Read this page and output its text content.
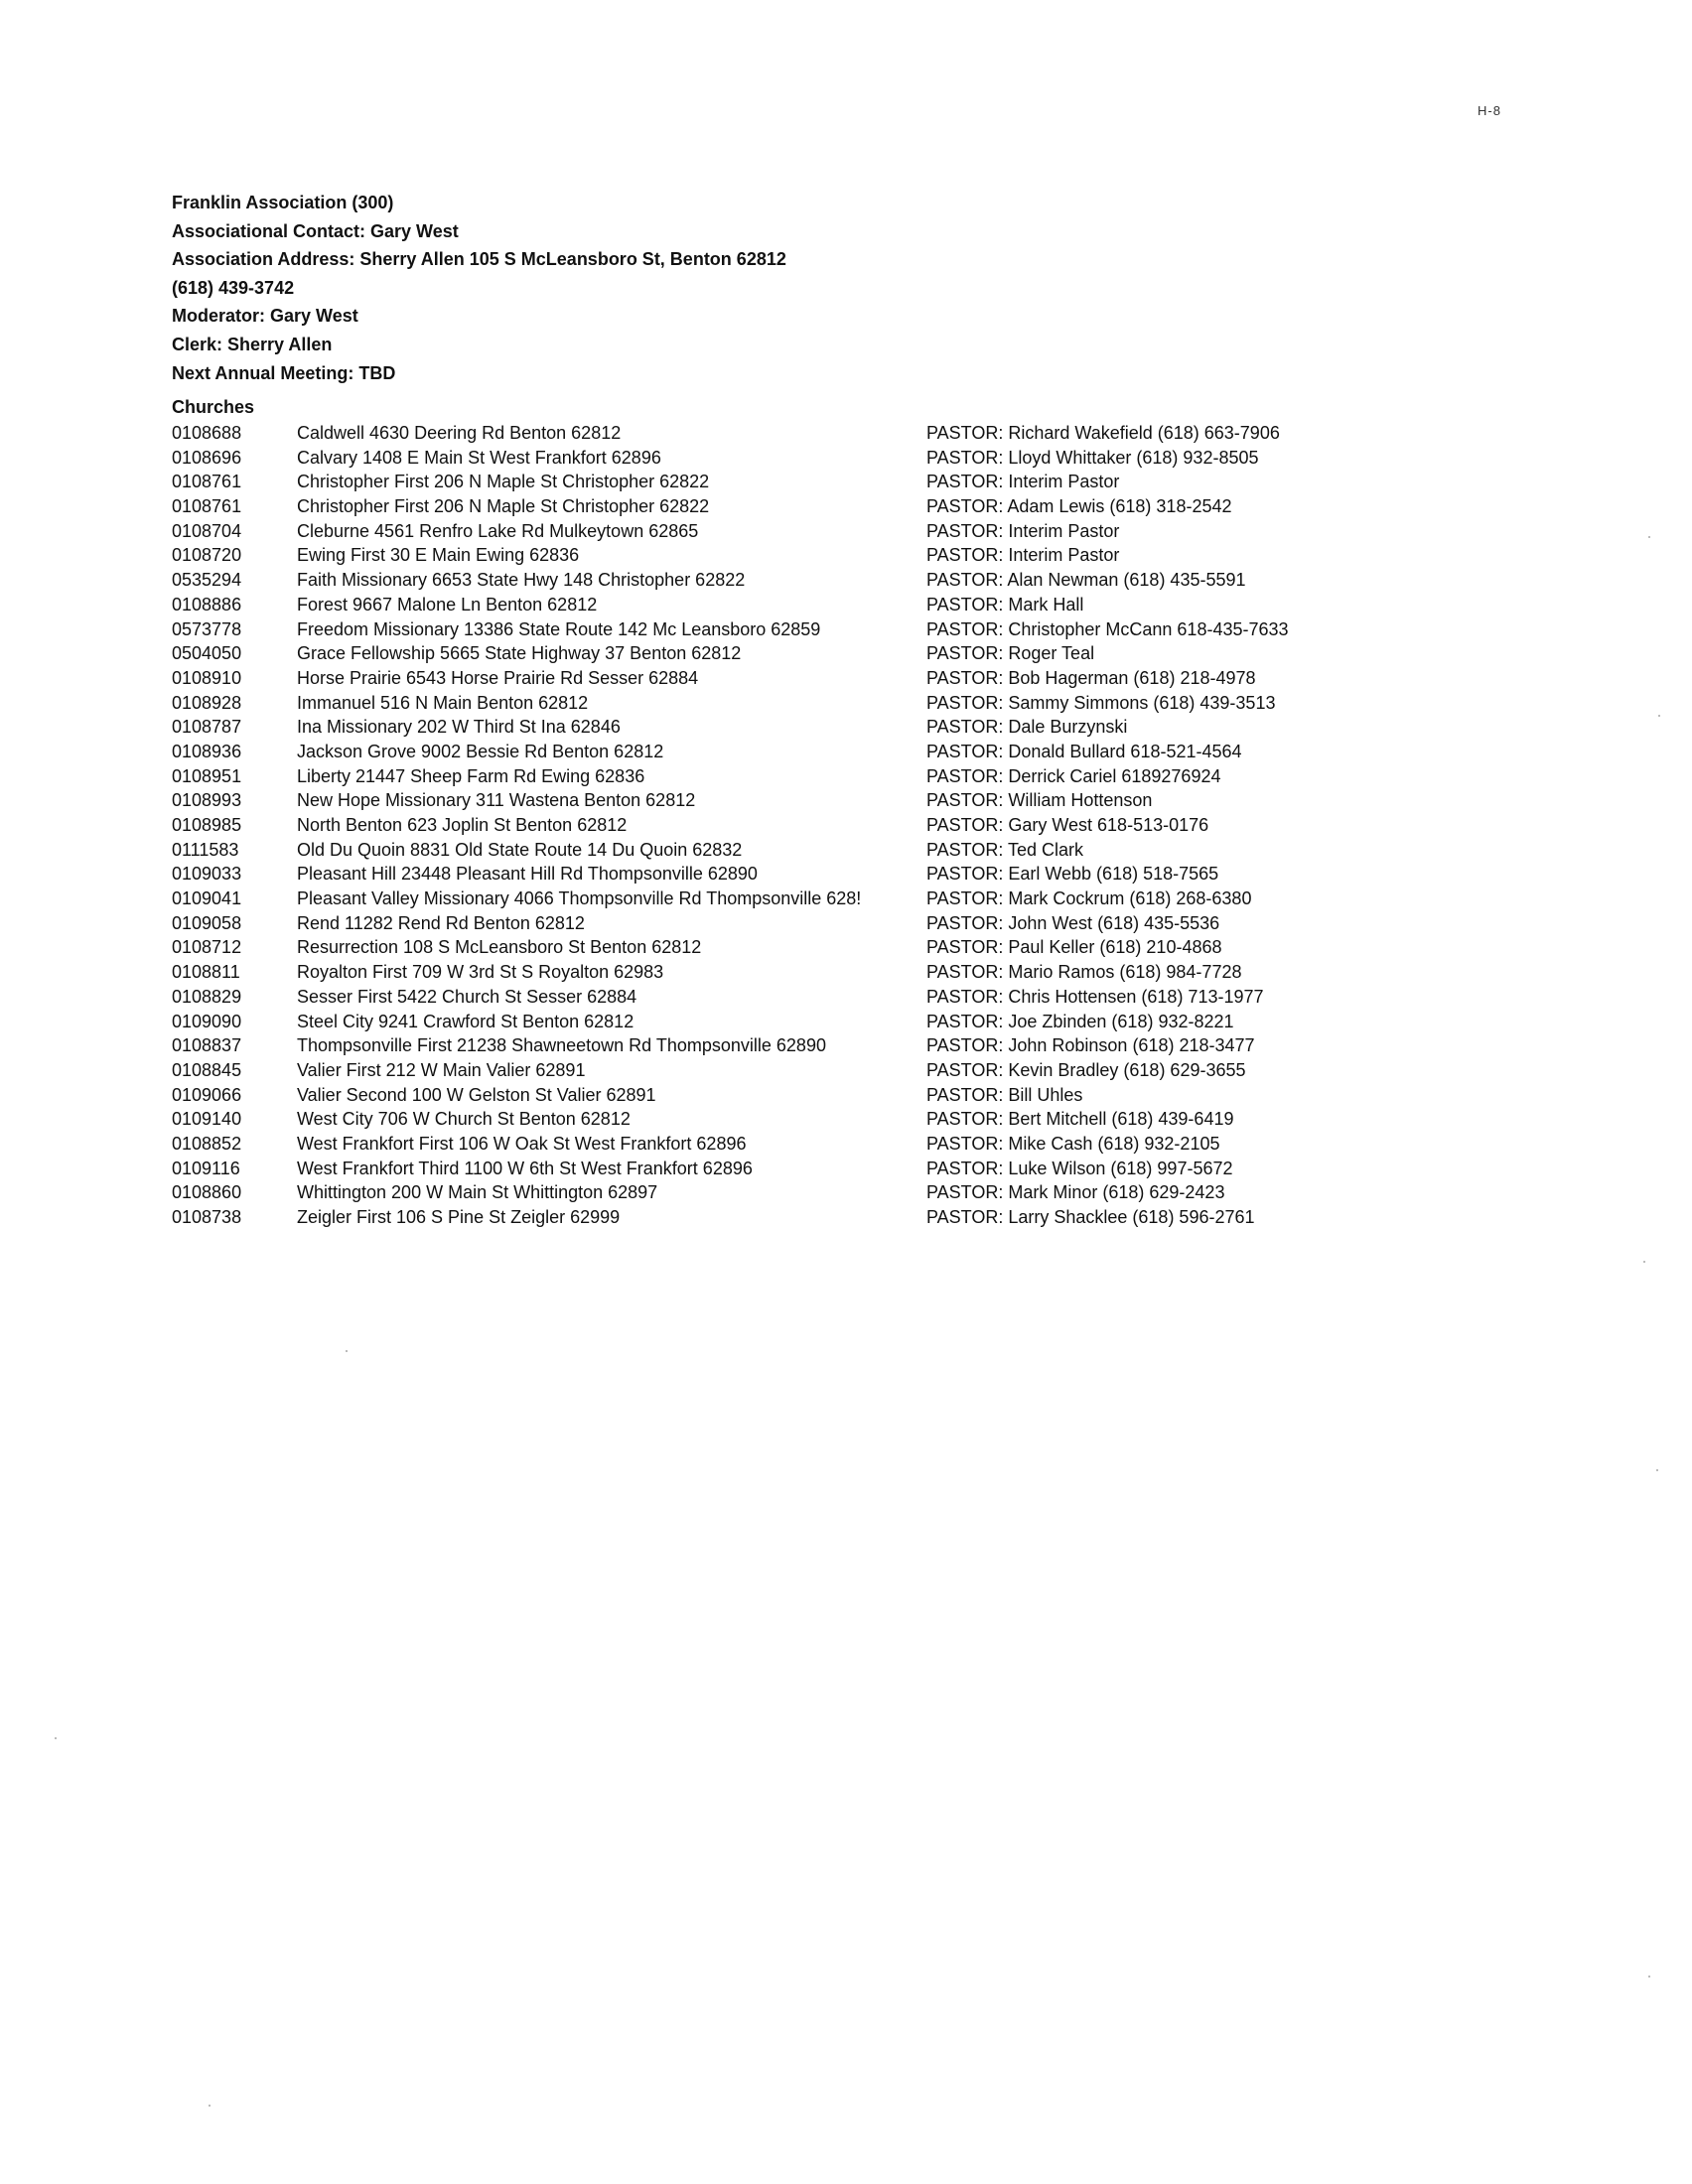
H-8
Franklin Association (300)
Associational Contact: Gary West
Association Address: Sherry Allen 105 S McLeansboro St, Benton 62812
(618) 439-3742
Moderator: Gary West
Clerk: Sherry Allen
Next Annual Meeting: TBD
Churches
0108688	Caldwell 4630 Deering Rd Benton 62812	PASTOR: Richard Wakefield (618) 663-7906
0108696	Calvary 1408 E Main St West Frankfort 62896	PASTOR: Lloyd Whittaker (618) 932-8505
0108761	Christopher First 206 N Maple St Christopher 62822	PASTOR: Interim Pastor
0108761	Christopher First 206 N Maple St Christopher 62822	PASTOR: Adam Lewis (618) 318-2542
0108704	Cleburne 4561 Renfro Lake Rd Mulkeytown 62865	PASTOR: Interim Pastor
0108720	Ewing First 30 E Main Ewing 62836	PASTOR: Interim Pastor
0535294	Faith Missionary 6653 State Hwy 148 Christopher 62822	PASTOR: Alan Newman (618) 435-5591
0108886	Forest 9667 Malone Ln Benton 62812	PASTOR: Mark Hall
0573778	Freedom Missionary 13386 State Route 142 Mc Leansboro 62859	PASTOR: Christopher McCann 618-435-7633
0504050	Grace Fellowship 5665 State Highway 37 Benton 62812	PASTOR: Roger Teal
0108910	Horse Prairie 6543 Horse Prairie Rd Sesser 62884	PASTOR: Bob Hagerman (618) 218-4978
0108928	Immanuel 516 N Main Benton 62812	PASTOR: Sammy Simmons (618) 439-3513
0108787	Ina Missionary 202 W Third St Ina 62846	PASTOR: Dale Burzynski
0108936	Jackson Grove 9002 Bessie Rd Benton 62812	PASTOR: Donald Bullard 618-521-4564
0108951	Liberty 21447 Sheep Farm Rd Ewing 62836	PASTOR: Derrick Cariel 6189276924
0108993	New Hope Missionary 311 Wastena Benton 62812	PASTOR: William Hottenson
0108985	North Benton 623 Joplin St Benton 62812	PASTOR: Gary West 618-513-0176
0111583	Old Du Quoin 8831 Old State Route 14 Du Quoin 62832	PASTOR: Ted Clark
0109033	Pleasant Hill 23448 Pleasant Hill Rd Thompsonville 62890	PASTOR: Earl Webb (618) 518-7565
0109041	Pleasant Valley Missionary 4066 Thompsonville Rd Thompsonville 628!	PASTOR: Mark Cockrum (618) 268-6380
0109058	Rend 11282 Rend Rd Benton 62812	PASTOR: John West (618) 435-5536
0108712	Resurrection 108 S McLeansboro St Benton 62812	PASTOR: Paul Keller (618) 210-4868
0108811	Royalton First 709 W 3rd St S Royalton 62983	PASTOR: Mario Ramos (618) 984-7728
0108829	Sesser First 5422 Church St Sesser 62884	PASTOR: Chris Hottensen (618) 713-1977
0109090	Steel City 9241 Crawford St Benton 62812	PASTOR: Joe Zbinden (618) 932-8221
0108837	Thompsonville First 21238 Shawneetown Rd Thompsonville 62890	PASTOR: John Robinson (618) 218-3477
0108845	Valier First 212 W Main Valier 62891	PASTOR: Kevin Bradley (618) 629-3655
0109066	Valier Second 100 W Gelston St Valier 62891	PASTOR: Bill Uhles
0109140	West City 706 W Church St Benton 62812	PASTOR: Bert Mitchell (618) 439-6419
0108852	West Frankfort First 106 W Oak St West Frankfort 62896	PASTOR: Mike Cash (618) 932-2105
0109116	West Frankfort Third 1100 W 6th St West Frankfort 62896	PASTOR: Luke Wilson (618) 997-5672
0108860	Whittington 200 W Main St Whittington 62897	PASTOR: Mark Minor (618) 629-2423
0108738	Zeigler First 106 S Pine St Zeigler 62999	PASTOR: Larry Shacklee (618) 596-2761
